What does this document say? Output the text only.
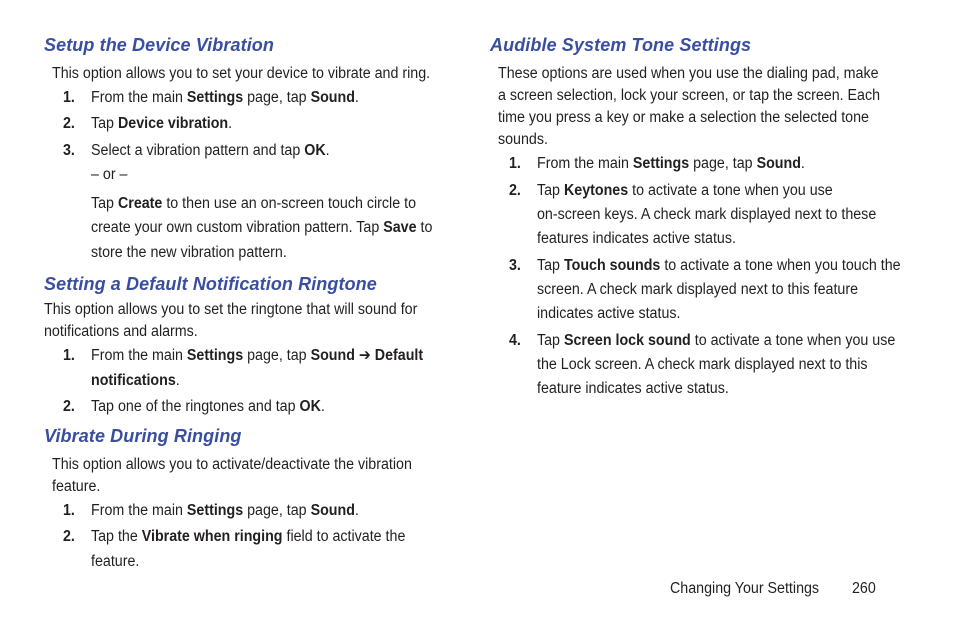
Setup the Device Vibration
This option allows you to set your device to vibrate and ring.
1. From the main Settings page, tap Sound.
2. Tap Device vibration.
3. Select a vibration pattern and tap OK.
– or –
Tap Create to then use an on-screen touch circle to
create your own custom vibration pattern. Tap Save to
store the new vibration pattern.
Setting a Default Notification Ringtone
This option allows you to set the ringtone that will sound for
notifications and alarms.
1. From the main Settings page, tap Sound ➔ Default
notifications.
2. Tap one of the ringtones and tap OK.
Vibrate During Ringing
This option allows you to activate/deactivate the vibration
feature.
1. From the main Settings page, tap Sound.
2. Tap the Vibrate when ringing field to activate the
feature.
Audible System Tone Settings
These options are used when you use the dialing pad, make
a screen selection, lock your screen, or tap the screen. Each
time you press a key or make a selection the selected tone
sounds.
1. From the main Settings page, tap Sound.
2. Tap Keytones to activate a tone when you use
on-screen keys. A check mark displayed next to these
features indicates active status.
3. Tap Touch sounds to activate a tone when you touch the
screen. A check mark displayed next to this feature
indicates active status.
4. Tap Screen lock sound to activate a tone when you use
the Lock screen. A check mark displayed next to this
feature indicates active status.
Changing Your Settings 260
